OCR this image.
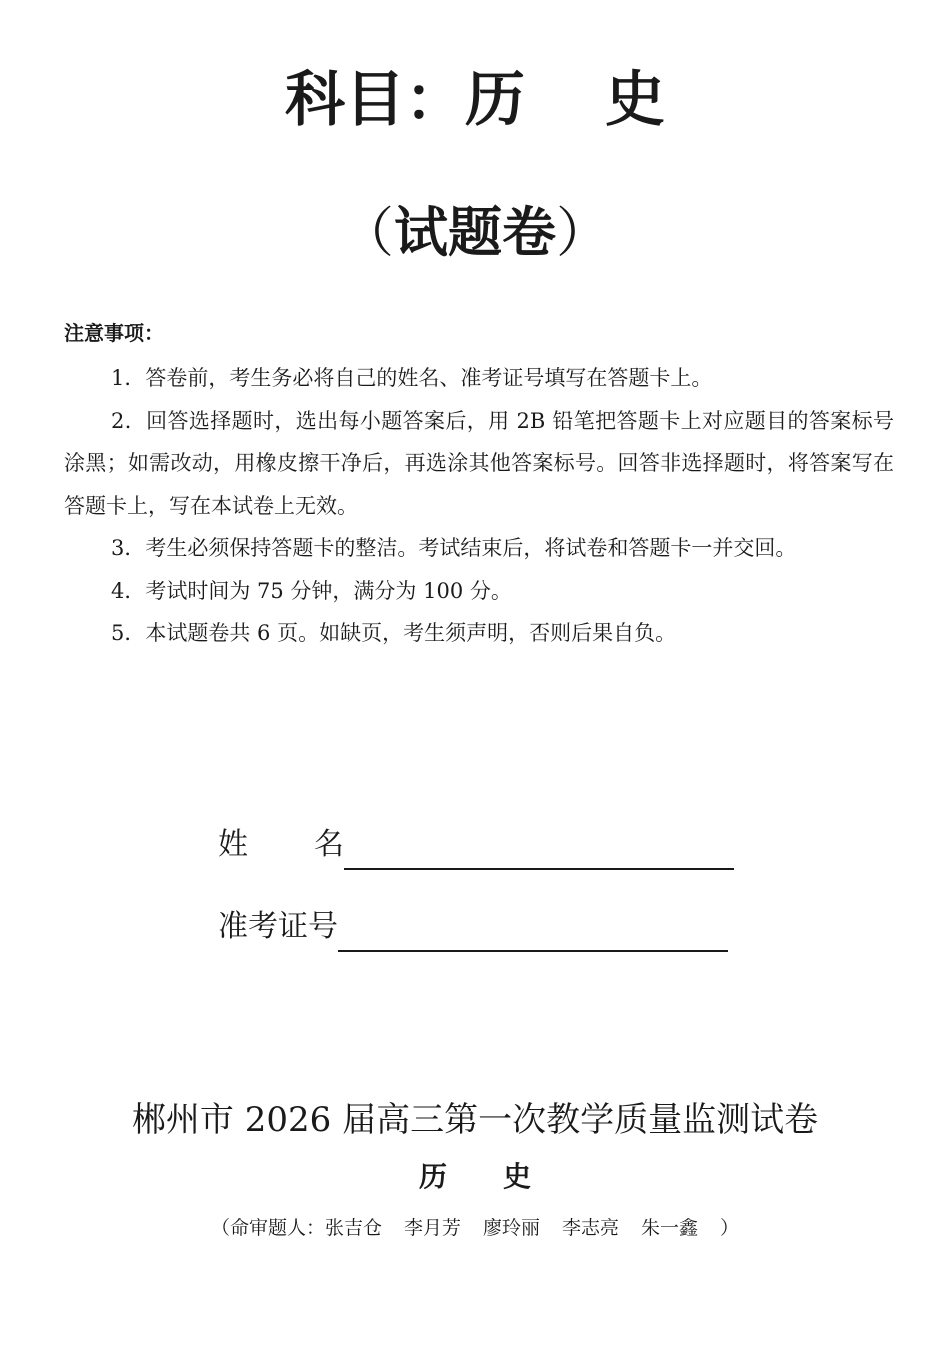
科目：历 史
（试题卷）
注意事项：

1．答卷前，考生务必将自己的姓名、准考证号填写在答题卡上。

2．回答选择题时，选出每小题答案后，用 2B 铅笔把答题卡上对应题目的答案标号涂黑；如需改动，用橡皮擦干净后，再选涂其他答案标号。回答非选择题时，将答案写在答题卡上，写在本试卷上无效。

3．考生必须保持答题卡的整洁。考试结束后，将试卷和答题卡一并交回。

4．考试时间为 75 分钟，满分为 100 分。

5．本试题卷共 6 页。如缺页，考生须声明，否则后果自负。

姓 名
准考证号
郴州市 2026 届高三第一次教学质量监测试卷
历 史
（命审题人：张吉仓 李月芳 廖玲丽 李志亮 朱一鑫 ）
